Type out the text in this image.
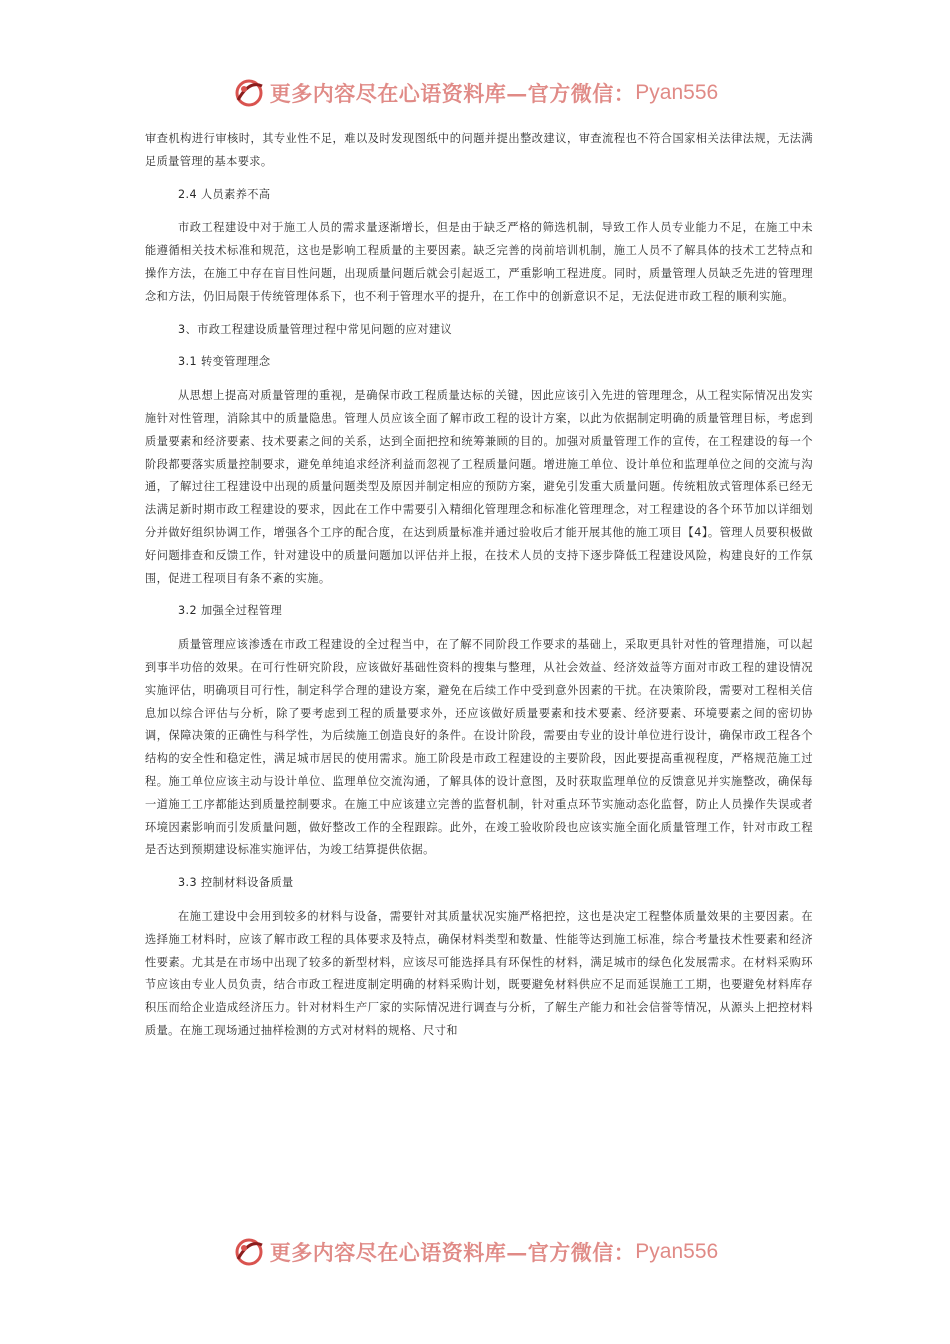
更多内容尽在心语资料库—官方微信： Pyan556

审查机构进行审核时，其专业性不足，难以及时发现图纸中的问题并提出整改建议，审查流程也不符合国家相关法律法规，无法满足质量管理的基本要求。

2.4 人员素养不高

市政工程建设中对于施工人员的需求量逐渐增长，但是由于缺乏严格的筛选机制，导致工作人员专业能力不足，在施工中未能遵循相关技术标准和规范，这也是影响工程质量的主要因素。缺乏完善的岗前培训机制，施工人员不了解具体的技术工艺特点和操作方法，在施工中存在盲目性问题，出现质量问题后就会引起返工，严重影响工程进度。同时，质量管理人员缺乏先进的管理理念和方法，仍旧局限于传统管理体系下，也不利于管理水平的提升，在工作中的创新意识不足，无法促进市政工程的顺利实施。

3、市政工程建设质量管理过程中常见问题的应对建议
3.1 转变管理理念

从思想上提高对质量管理的重视，是确保市政工程质量达标的关键，因此应该引入先进的管理理念，从工程实际情况出发实施针对性管理，消除其中的质量隐患。管理人员应该全面了解市政工程的设计方案，以此为依据制定明确的质量管理目标，考虑到质量要素和经济要素、技术要素之间的关系，达到全面把控和统筹兼顾的目的。加强对质量管理工作的宣传，在工程建设的每一个阶段都要落实质量控制要求，避免单纯追求经济利益而忽视了工程质量问题。增进施工单位、设计单位和监理单位之间的交流与沟通，了解过往工程建设中出现的质量问题类型及原因并制定相应的预防方案，避免引发重大质量问题。传统粗放式管理体系已经无法满足新时期市政工程建设的要求，因此在工作中需要引入精细化管理理念和标准化管理理念，对工程建设的各个环节加以详细划分并做好组织协调工作，增强各个工序的配合度，在达到质量标准并通过验收后才能开展其他的施工项目【4】。管理人员要积极做好问题排查和反馈工作，针对建设中的质量问题加以评估并上报，在技术人员的支持下逐步降低工程建设风险，构建良好的工作氛围，促进工程项目有条不紊的实施。

3.2 加强全过程管理

质量管理应该渗透在市政工程建设的全过程当中，在了解不同阶段工作要求的基础上，采取更具针对性的管理措施，可以起到事半功倍的效果。在可行性研究阶段，应该做好基础性资料的搜集与整理，从社会效益、经济效益等方面对市政工程的建设情况实施评估，明确项目可行性，制定科学合理的建设方案，避免在后续工作中受到意外因素的干扰。在决策阶段，需要对工程相关信息加以综合评估与分析，除了要考虑到工程的质量要求外，还应该做好质量要素和技术要素、经济要素、环境要素之间的密切协调，保障决策的正确性与科学性，为后续施工创造良好的条件。在设计阶段，需要由专业的设计单位进行设计，确保市政工程各个结构的安全性和稳定性，满足城市居民的使用需求。施工阶段是市政工程建设的主要阶段，因此要提高重视程度，严格规范施工过程。施工单位应该主动与设计单位、监理单位交流沟通，了解具体的设计意图，及时获取监理单位的反馈意见并实施整改，确保每一道施工工序都能达到质量控制要求。在施工中应该建立完善的监督机制，针对重点环节实施动态化监督，防止人员操作失误或者环境因素影响而引发质量问题，做好整改工作的全程跟踪。此外，在竣工验收阶段也应该实施全面化质量管理工作，针对市政工程是否达到预期建设标准实施评估，为竣工结算提供依据。

3.3 控制材料设备质量

在施工建设中会用到较多的材料与设备，需要针对其质量状况实施严格把控，这也是决定工程整体质量效果的主要因素。在选择施工材料时，应该了解市政工程的具体要求及特点，确保材料类型和数量、性能等达到施工标准，综合考量技术性要素和经济性要素。尤其是在市场中出现了较多的新型材料，应该尽可能选择具有环保性的材料，满足城市的绿色化发展需求。在材料采购环节应该由专业人员负责，结合市政工程进度制定明确的材料采购计划，既要避免材料供应不足而延误施工工期，也要避免材料库存积压而给企业造成经济压力。针对材料生产厂家的实际情况进行调查与分析，了解生产能力和社会信誉等情况，从源头上把控材料质量。在施工现场通过抽样检测的方式对材料的规格、尺寸和

更多内容尽在心语资料库—官方微信： Pyan556
